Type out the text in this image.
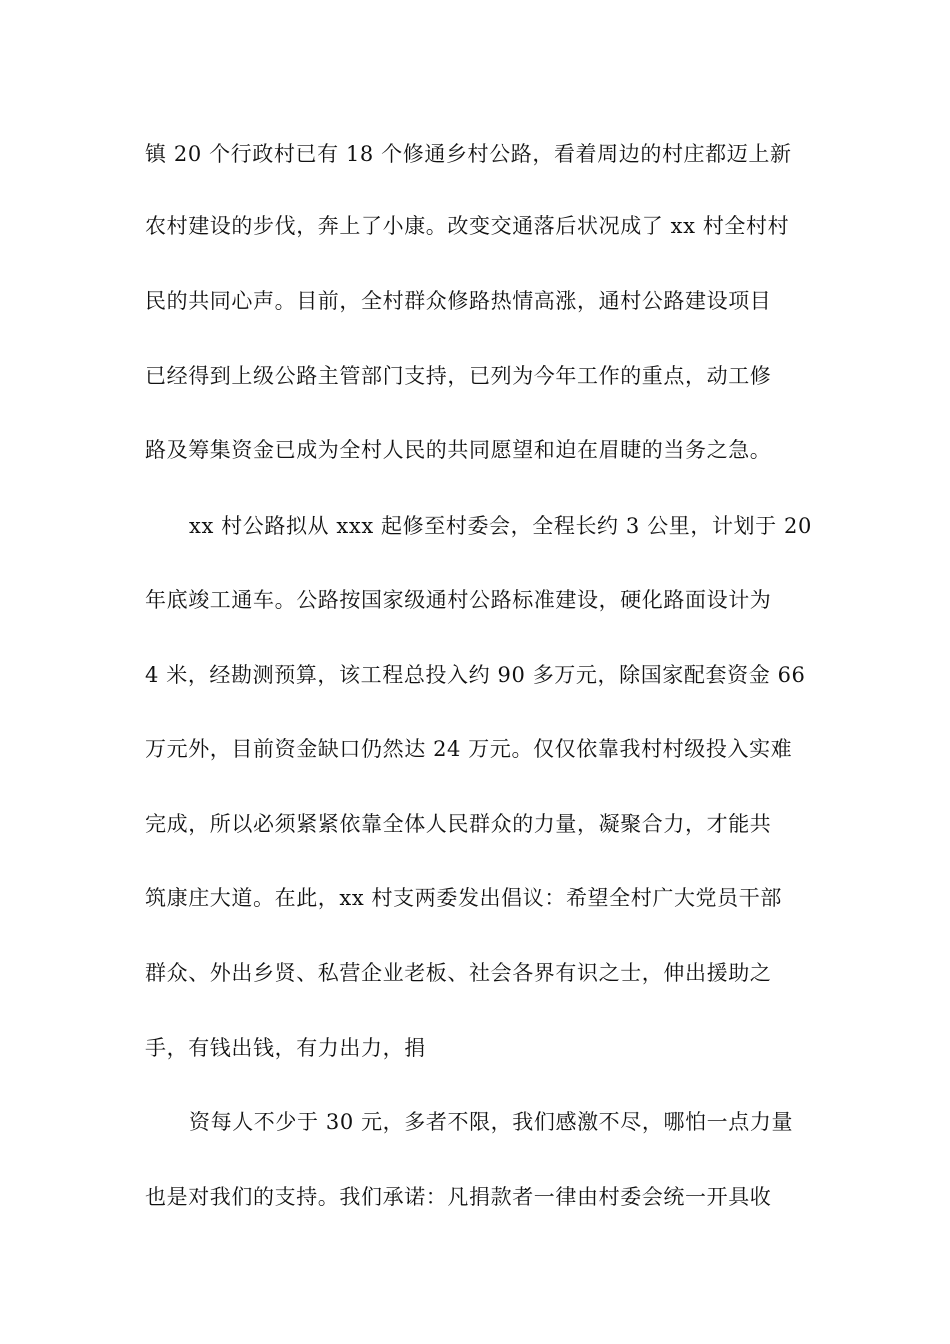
镇 20 个行政村已有 18 个修通乡村公路，看着周边的村庄都迈上新
农村建设的步伐，奔上了小康。改变交通落后状况成了 xx 村全村村
民的共同心声。目前，全村群众修路热情高涨，通村公路建设项目
已经得到上级公路主管部门支持，已列为今年工作的重点，动工修
路及筹集资金已成为全村人民的共同愿望和迫在眉睫的当务之急。
xx 村公路拟从 xxx 起修至村委会，全程长约 3 公里，计划于 20
年底竣工通车。公路按国家级通村公路标准建设，硬化路面设计为
4 米，经勘测预算，该工程总投入约 90 多万元，除国家配套资金 66
万元外，目前资金缺口仍然达 24 万元。仅仅依靠我村村级投入实难
完成，所以必须紧紧依靠全体人民群众的力量，凝聚合力，才能共
筑康庄大道。在此，xx 村支两委发出倡议：希望全村广大党员干部
群众、外出乡贤、私营企业老板、社会各界有识之士，伸出援助之
手，有钱出钱，有力出力，捐
资每人不少于 30 元，多者不限，我们感激不尽，哪怕一点力量
也是对我们的支持。我们承诺：凡捐款者一律由村委会统一开具收
